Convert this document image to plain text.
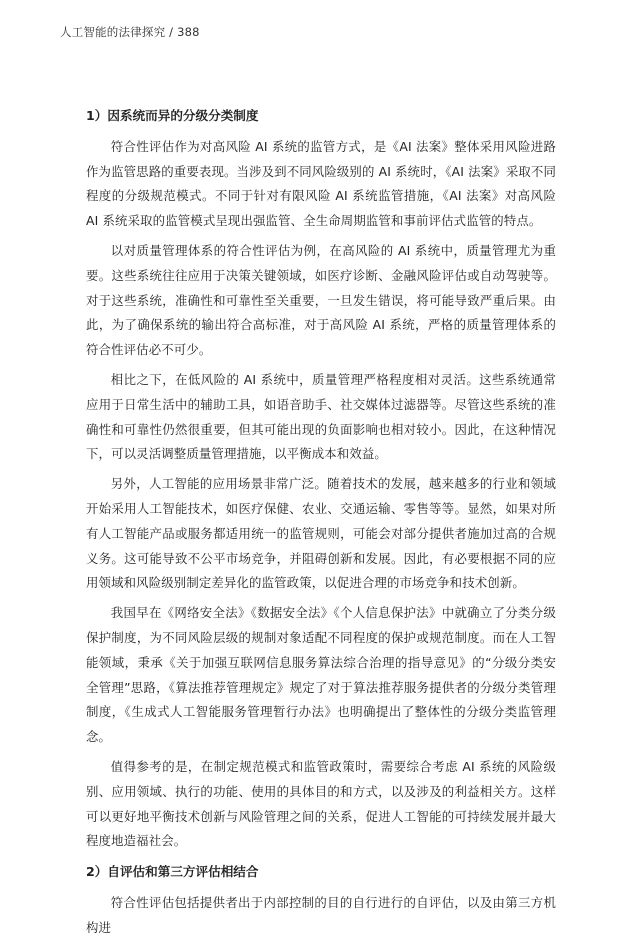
人工智能的法律探究 / 388

1）因系统而异的分级分类制度

符合性评估作为对高风险 AI 系统的监管方式，是《AI 法案》整体采用风险进路作为监管思路的重要表现。当涉及到不同风险级别的 AI 系统时，《AI 法案》采取不同程度的分级规范模式。不同于针对有限风险 AI 系统监管措施，《AI 法案》对高风险 AI 系统采取的监管模式呈现出强监管、全生命周期监管和事前评估式监管的特点。

以对质量管理体系的符合性评估为例，在高风险的 AI 系统中，质量管理尤为重要。这些系统往往应用于决策关键领域，如医疗诊断、金融风险评估或自动驾驶等。对于这些系统，准确性和可靠性至关重要，一旦发生错误，将可能导致严重后果。由此，为了确保系统的输出符合高标准，对于高风险 AI 系统，严格的质量管理体系的符合性评估必不可少。

相比之下，在低风险的 AI 系统中，质量管理严格程度相对灵活。这些系统通常应用于日常生活中的辅助工具，如语音助手、社交媒体过滤器等。尽管这些系统的准确性和可靠性仍然很重要，但其可能出现的负面影响也相对较小。因此，在这种情况下，可以灵活调整质量管理措施，以平衡成本和效益。

另外，人工智能的应用场景非常广泛。随着技术的发展，越来越多的行业和领域开始采用人工智能技术，如医疗保健、农业、交通运输、零售等等。显然，如果对所有人工智能产品或服务都适用统一的监管规则，可能会对部分提供者施加过高的合规义务。这可能导致不公平市场竞争，并阻碍创新和发展。因此，有必要根据不同的应用领域和风险级别制定差异化的监管政策，以促进合理的市场竞争和技术创新。

我国早在《网络安全法》《数据安全法》《个人信息保护法》中就确立了分类分级保护制度，为不同风险层级的规制对象适配不同程度的保护或规范制度。而在人工智能领域，秉承《关于加强互联网信息服务算法综合治理的指导意见》的“分级分类安全管理”思路，《算法推荐管理规定》规定了对于算法推荐服务提供者的分级分类管理制度，《生成式人工智能服务管理暂行办法》也明确提出了整体性的分级分类监管理念。

值得参考的是，在制定规范模式和监管政策时，需要综合考虑 AI 系统的风险级别、应用领域、执行的功能、使用的具体目的和方式，以及涉及的利益相关方。这样可以更好地平衡技术创新与风险管理之间的关系，促进人工智能的可持续发展并最大程度地造福社会。

2）自评估和第三方评估相结合

符合性评估包括提供者出于内部控制的目的自行进行的自评估，以及由第三方机构进
